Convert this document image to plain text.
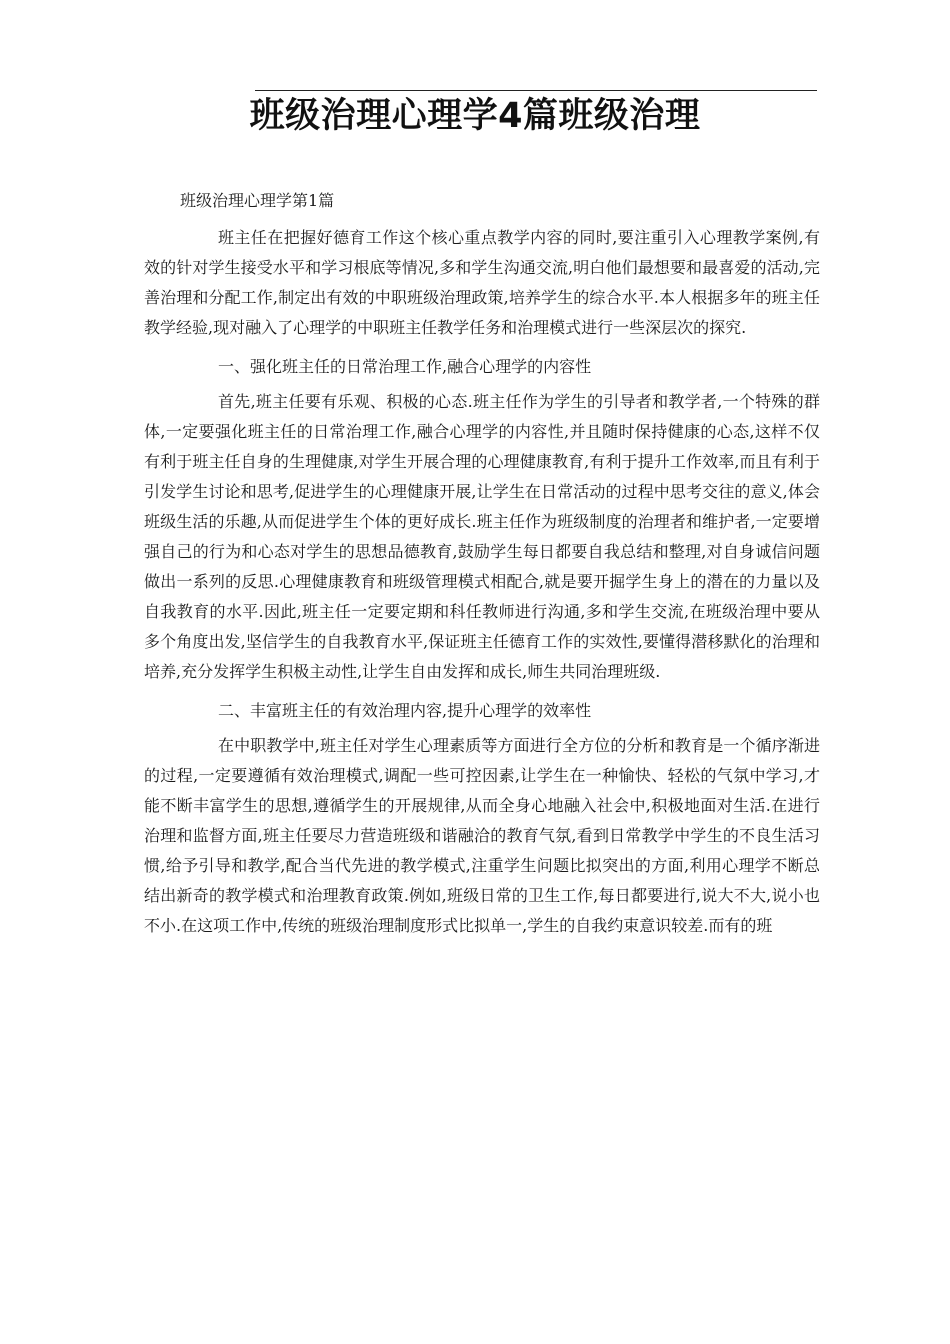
班级治理心理学4篇班级治理

班级治理心理学第1篇

班主任在把握好德育工作这个核心重点教学内容的同时,要注重引入心理教学案例,有效的针对学生接受水平和学习根底等情况,多和学生沟通交流,明白他们最想要和最喜爱的活动,完善治理和分配工作,制定出有效的中职班级治理政策,培养学生的综合水平.本人根据多年的班主任教学经验,现对融入了心理学的中职班主任教学任务和治理模式进行一些深层次的探究.

一、强化班主任的日常治理工作,融合心理学的内容性

首先,班主任要有乐观、积极的心态.班主任作为学生的引导者和教学者,一个特殊的群体,一定要强化班主任的日常治理工作,融合心理学的内容性,并且随时保持健康的心态,这样不仅有利于班主任自身的生理健康,对学生开展合理的心理健康教育,有利于提升工作效率,而且有利于引发学生讨论和思考,促进学生的心理健康开展,让学生在日常活动的过程中思考交往的意义,体会班级生活的乐趣,从而促进学生个体的更好成长.班主任作为班级制度的治理者和维护者,一定要增强自己的行为和心态对学生的思想品德教育,鼓励学生每日都要自我总结和整理,对自身诚信问题做出一系列的反思.心理健康教育和班级管理模式相配合,就是要开掘学生身上的潜在的力量以及自我教育的水平.因此,班主任一定要定期和科任教师进行沟通,多和学生交流,在班级治理中要从多个角度出发,坚信学生的自我教育水平,保证班主任德育工作的实效性,要懂得潜移默化的治理和培养,充分发挥学生积极主动性,让学生自由发挥和成长,师生共同治理班级.

二、丰富班主任的有效治理内容,提升心理学的效率性

在中职教学中,班主任对学生心理素质等方面进行全方位的分析和教育是一个循序渐进的过程,一定要遵循有效治理模式,调配一些可控因素,让学生在一种愉快、轻松的气氛中学习,才能不断丰富学生的思想,遵循学生的开展规律,从而全身心地融入社会中,积极地面对生活.在进行治理和监督方面,班主任要尽力营造班级和谐融洽的教育气氛,看到日常教学中学生的不良生活习惯,给予引导和教学,配合当代先进的教学模式,注重学生问题比拟突出的方面,利用心理学不断总结出新奇的教学模式和治理教育政策.例如,班级日常的卫生工作,每日都要进行,说大不大,说小也不小.在这项工作中,传统的班级治理制度形式比拟单一,学生的自我约束意识较差.而有的班
